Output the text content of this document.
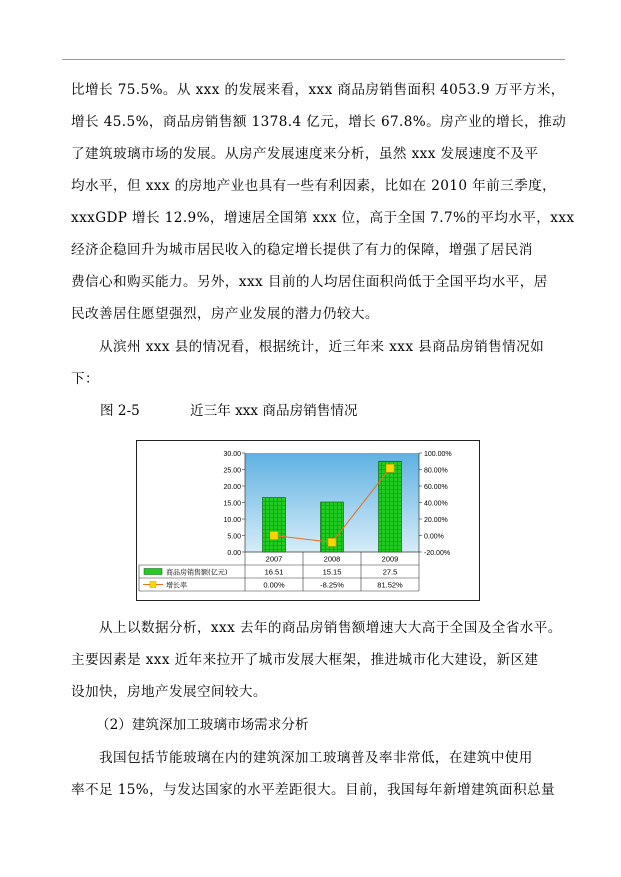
比增长 75.5%。从 xxx 的发展来看，xxx 商品房销售面积 4053.9 万平方米，

增长 45.5%，商品房销售额 1378.4 亿元，增长 67.8%。房产业的增长，推动

了建筑玻璃市场的发展。从房产发展速度来分析，虽然 xxx 发展速度不及平

均水平，但 xxx 的房地产业也具有一些有利因素，比如在 2010 年前三季度，

xxxGDP 增长 12.9%，增速居全国第 xxx 位，高于全国 7.7%的平均水平，xxx

经济企稳回升为城市居民收入的稳定增长提供了有力的保障，增强了居民消

费信心和购买能力。另外，xxx 目前的人均居住面积尚低于全国平均水平，居

民改善居住愿望强烈，房产业发展的潜力仍较大。

　　从滨州 xxx 县的情况看，根据统计，近三年来 xxx 县商品房销售情况如

下：

图 2-5	近三年 xxx 商品房销售情况
30.00
25.00
20.00
15.00
10.00
5.00
0.00
100.00%
80.00%
60.00%
40.00%
20.00%
0.00%
-20.00%
2007	2008	2009
商品房销售额(亿元)	16.51	15.15	27.5
增长率	0.00%	-8.25%	81.52%

　　从上以数据分析，xxx 去年的商品房销售额增速大大高于全国及全省水平。

主要因素是 xxx 近年来拉开了城市发展大框架，推进城市化大建设，新区建

设加快，房地产发展空间较大。

（2）建筑深加工玻璃市场需求分析

　　我国包括节能玻璃在内的建筑深加工玻璃普及率非常低，在建筑中使用

率不足 15%，与发达国家的水平差距很大。目前，我国每年新增建筑面积总量
